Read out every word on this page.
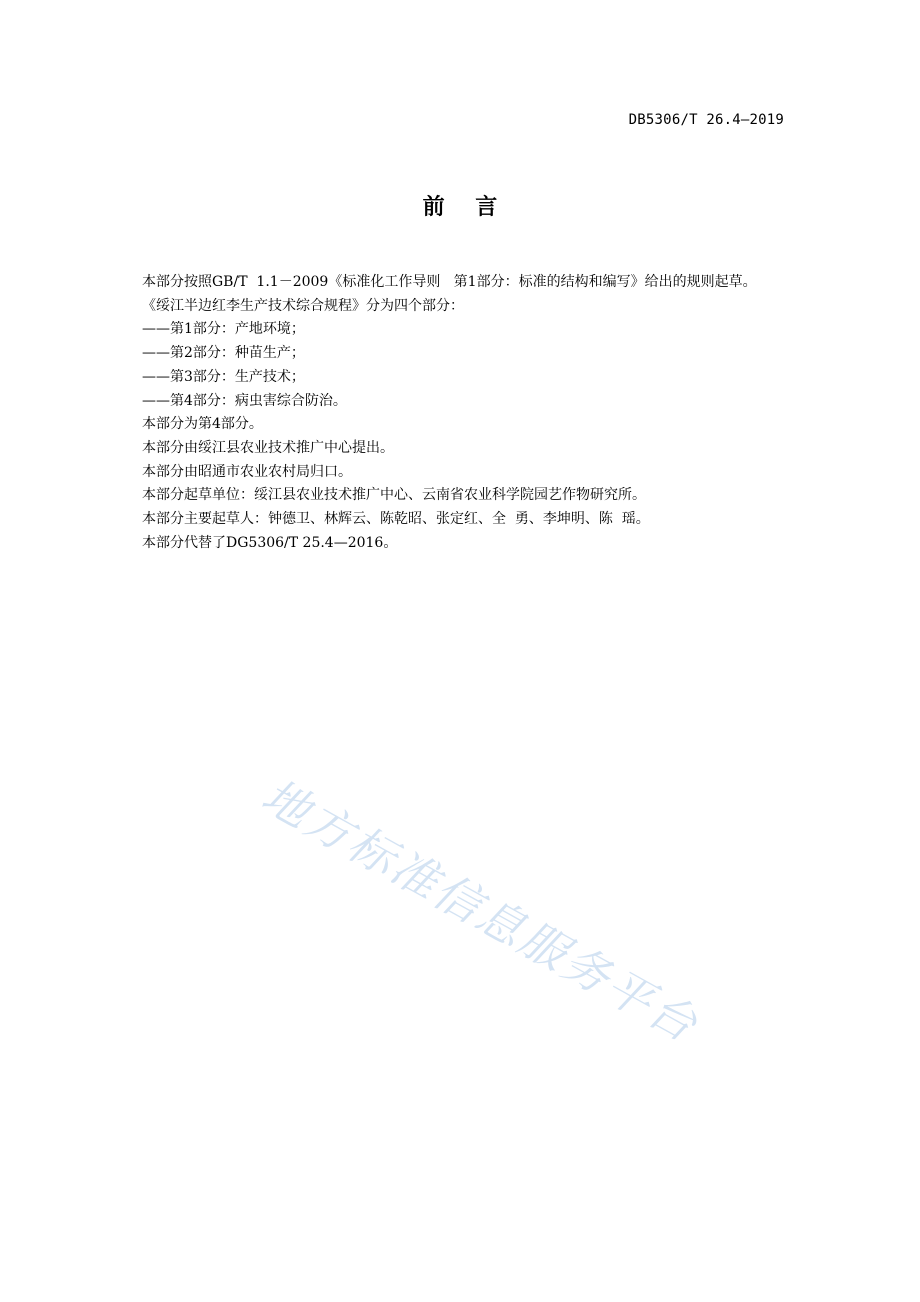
DB5306/T 26.4—2019
前    言

本部分按照GB/T  1.1－2009《标准化工作导则   第1部分：标准的结构和编写》给出的规则起草。

《绥江半边红李生产技术综合规程》分为四个部分：

——第1部分：产地环境；

——第2部分：种苗生产；

——第3部分：生产技术；

——第4部分：病虫害综合防治。

本部分为第4部分。

本部分由绥江县农业技术推广中心提出。

本部分由昭通市农业农村局归口。

本部分起草单位：绥江县农业技术推广中心、云南省农业科学院园艺作物研究所。

本部分主要起草人：钟德卫、林辉云、陈乾昭、张定红、全  勇、李坤明、陈  瑶。

本部分代替了DG5306/T 25.4—2016。

地方标准信息服务平台
